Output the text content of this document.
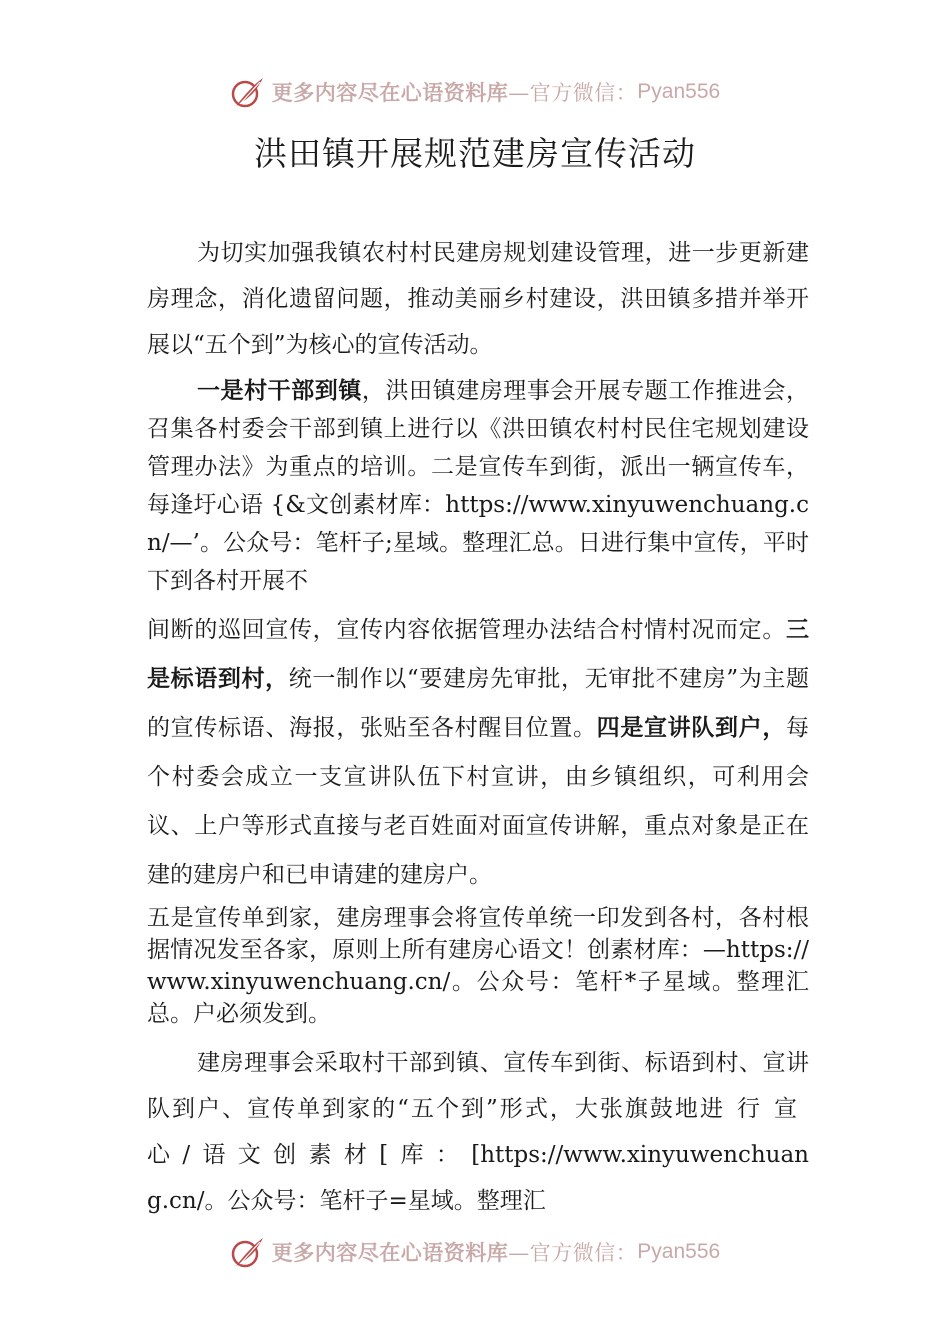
更多内容尽在心语资料库—官方微信： Pyan556
洪田镇开展规范建房宣传活动

为切实加强我镇农村村民建房规划建设管理，进一步更新建房理念，消化遗留问题，推动美丽乡村建设，洪田镇多措并举开展以“五个到”为核心的宣传活动。

一是村干部到镇，洪田镇建房理事会开展专题工作推进会，召集各村委会干部到镇上进行以《洪田镇农村村民住宅规划建设管理办法》为重点的培训。二是宣传车到街，派出一辆宣传车，每逢圩心语 {&文创素材库：https://www.xinyuwenchuang.cn/—’。公众号：笔杆子;星域。整理汇总。日进行集中宣传，平时下到各村开展不

间断的巡回宣传，宣传内容依据管理办法结合村情村况而定。三是标语到村，统一制作以“要建房先审批，无审批不建房”为主题的宣传标语、海报，张贴至各村醒目位置。四是宣讲队到户，每个村委会成立一支宣讲队伍下村宣讲，由乡镇组织，可利用会议、上户等形式直接与老百姓面对面宣传讲解，重点对象是正在建的建房户和已申请建的建房户。

五是宣传单到家，建房理事会将宣传单统一印发到各村，各村根据情况发至各家，原则上所有建房心语文！创素材库：—https://www.xinyuwenchuang.cn/。公众号：笔杆*子星域。整理汇总。户必须发到。

建房理事会采取村干部到镇、宣传车到街、标语到村、宣讲队到户、宣传单到家的“五个到”形式，大张旗鼓地进行宣心/语文创素材[库：[https://www.xinyuwenchuang.cn/。公众号：笔杆子=星域。整理汇

更多内容尽在心语资料库—官方微信： Pyan556
